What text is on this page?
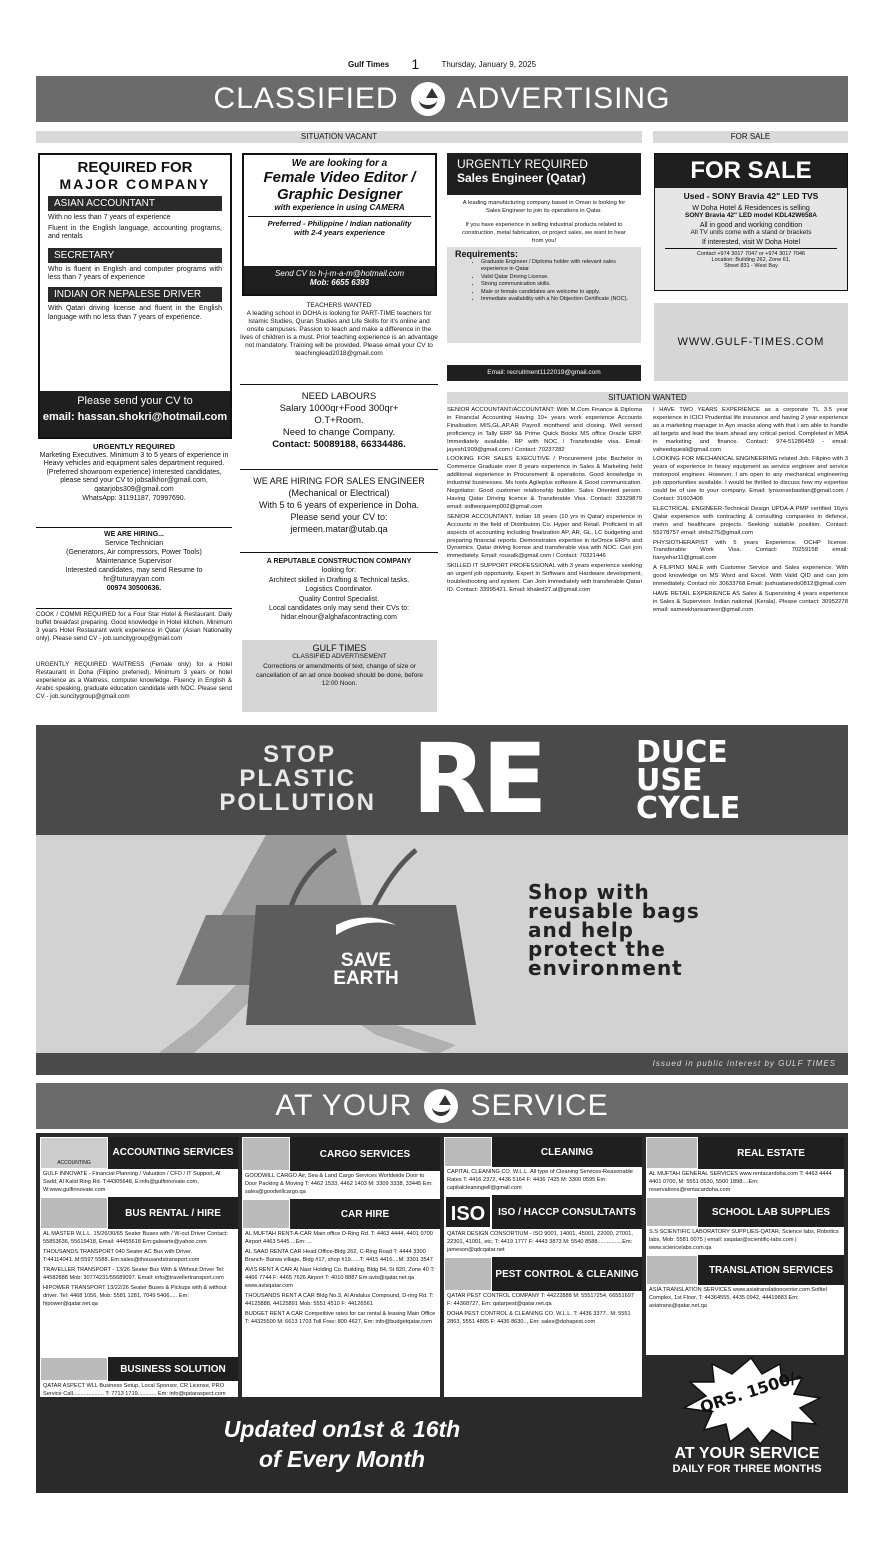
Gulf Times 1	Thursday, January 9, 2025
CLASSIFIED ADVERTISING
SITUATION VACANT	FOR SALE
REQUIRED FOR
MAJOR COMPANY
ASIAN ACCOUNTANT
With no less than 7 years of experience
Fluent in the English language, accounting programs, and rentals
SECRETARY
Who is fluent in English and computer programs with less than 7 years of experience
INDIAN OR NEPALESE DRIVER
With Qatari driving license and fluent in the English language with no less than 7 years of experience.
Please send your CV to
email: hassan.shokri@hotmail.com
We are looking for a
Female Video Editor /
Graphic Designer
with experience in using CAMERA
Preferred - Philippine / Indian nationality
with 2-4 years experience
Send CV to h-j-m-a-m@hotmail.com
Mob: 6655 6393
URGENTLY REQUIRED
Sales Engineer (Qatar)
A leading manufacturing company based in Oman is looking for Sales Engineer to join its operations in Qatar.
If you have experience in selling industrial products related to construction, metal fabrication, or project sales, we want to hear from you!
Requirements:
• Graduate Engineer / Diploma holder with relevant sales experience in Qatar.
• Valid Qatar Driving License.
• Strong communication skills.
• Male or female candidates are welcome to apply.
• Immediate availability with a No Objection Certificate (NOC).
Email: recruitment1122019@gmail.com
FOR SALE
Used - SONY Bravia 42" LED TVS
W Doha Hotel & Residences is selling
SONY Bravia 42" LED model KDL42W658A
All in good and working condition
All TV units come with a stand or brackets
If interested, visit W Doha Hotel
Contact +974 3017 7047 or +974 3017 7046
Location: Building 262, Zone 61,
Street 831 - West Bay
WWW.GULF-TIMES.COM
URGENTLY REQUIRED
Marketing Executives. Minimum 3 to 5 years of experience in Heavy vehicles and equipment sales department required. (Preferred showroom experience) Interested candidates, please send your CV to jobsalkhor@gmail.com, qatarjobs309@gmail.com
WhatsApp: 31191187, 70997690.
WE ARE HIRING...
Service Technician
(Generators, Air compressors, Power Tools)
Maintenance Supervisor
Interested candidates, may send Resume to
hr@tuturayyan.com
00974 30500636.
COOK / COMMI REQUIRED for a Four Star Hotel & Restaurant. Daily buffet breakfast preparing. Good knowledge in Hotel kitchen. Minimum 3 years Hotel Restaurant work experience in Qatar (Asian Nationality only). Please send CV - job.suncitygroup@gmail.com
URGENTLY REQUIRED WAITRESS (Female only) for a Hotel Restaurant in Doha (Filipino preferred). Minimum 3 years or hotel experience as a Waitress. computer knowledge. Fluency in English & Arabic speaking, graduate education candidate with NOC. Please send CV - job.suncitygroup@gmail.com
TEACHERS WANTED
A leading school in DOHA is looking for PART-TIME teachers for Islamic Studies, Quran Studies and Life Skills for it's online and onsite campuses. Passion to teach and make a difference in the lives of children is a must. Prior teaching experience is an advantage not mandatory. Training will be provided. Please email your CV to
teachinglead2018@gmail.com
NEED LABOURS
Salary 1000qr+Food 300qr+
O.T+Room.
Need to change Company.
Contact: 50089188, 66334486.
WE ARE HIRING FOR SALES ENGINEER
(Mechanical or Electrical)
With 5 to 6 years of experience in Doha.
Please send your CV to:
jermeen.matar@utab.qa
A REPUTABLE CONSTRUCTION COMPANY
looking for:
Architect skilled in Drafting & Technical tasks.
Logistics Coordinator.
Quality Control Specialist.
Local candidates only may send their CVs to:
hidar.elnour@alghafacontracting.com
GULF TIMES
CLASSIFIED ADVERTISEMENT
Corrections or amendments of text, change of size or cancellation of an ad once booked should be done, before 12:00 Noon.
SITUATION WANTED
SENIOR ACCOUNTANT/ACCOUNTANT: With M.Com Finance & Diploma in Financial Accounting Having 10+ years work experience Accounts Finalisation MIS,GL,AP,AR Payroll monthend and closing. Well versed proficiency in Tally ERP 9& Prime Quick Books MS office Oracle ERP. Immediately available. RP with NOC / Transferable visa. Email: jayesh1909@gmail.com / Contact: 70237282
LOOKING FOR SALES EXECUTIVE / Procurement jobs Bachelor in Commerce Graduate over 8 years experience in Sales & Marketing held additional experience in Procurement & operations. Good knowledge in industrial businesses. Ms tools Agileplus software & Good communication. Negotiator. Good customer relationship builder. Sales Oriented person. Having Qatar Driving licence & Transferable Visa. Contact: 33329879 email: sidheequemp002@gmail.com
SENIOR ACCOUNTANT, Indian 18 years (10 yrs in Qatar) experience in Accounts in the field of Distribution Co. Hyper and Retail. Proficient in all aspects of accounting including finalization AP, AR, GL, LC budgeting and preparing financial reports. Demonstrates expertise in itsOmce ERPs and Dynamics. Qatar driving license and transferable visa with NOC. Can join immediately. Email: rousalk@gmail.com / Contact: 70321446
SKILLED IT SUPPORT PROFESSIONAL with 3 years experience seeking an urgent job opportunity. Expert in Software and Hardware development, troubleshooting and system. Can Join immediately with transferable Qatari ID. Contact: 33995421. Email: khaled27.al@gmail.com
I HAVE TWO YEARS EXPERIENCE as a corporate TL 3.5 year experience in ICICI Prudential life insurance and having 2 year experience as a marketing manager in Ayn snacks along with that i am able to handle all targets and lead the team ahead any critical period. Completed in MBA in marketing and finance. Contact: 974-51286459 - email: vaheedqueali@gmail.com
LOOKING FOR MECHANICAL ENGINEERING related Job. Filipino with 3 years of experience in heavy equipment as service engineer and service motorpool engineer. However, I am open to any mechanical engineering job opportunities available. I would be thrilled to discuss how my expertise could be of use to your company. Email: lynsonsebastian@gmail.com / Contact: 31603408
ELECTRICAL ENGINEER-Technical Design UPDA-A PMP certified 16yrs Qatar experience with contracting & consulting companies in defence, metro and healthcare projects. Seeking suitable position. Contact: 55278757 email: shits275@gmail.com
PHYSIOTHERAPIST with 5 years Experience. OCHP license. Transferable Work Visa. Contact: 70259158 email: hanyehar11@gmail.com
A FILIPINO MALE with Customer Service and Sales experience. With good knowledge on MS Word and Excel. With Valid QID and can join immediately. Contact no: 30633768 Email: joshuatanedo0812@gmail.com
HAVE RETAIL EXPERIENCE AS Sales & Supervising 4 years experience in Sales & Supervisor. Indian national (Kerala). Please contact: 30952278 email: sameekhansameer@gmail.com
STOP
PLASTIC
POLLUTION RE	DUCE
USE
CYCLE
SAVE
EARTH
Shop with
reusable bags
and help
protect the
environment
Issued in public interest by GULF TIMES
AT YOUR SERVICE
ACCOUNTING
ACCOUNTING SERVICES
GULF INNOVATE - Financial Planning / Valuation / CFO / IT Support, Al Sadd, Al Kalid Ring Rd. T:44305648, E:info@gulfinnovate.com, W:www.gulfinnovate.com
BUS RENTAL / HIRE
AL MASTER W.L.L. 15/26/30/65 Seater Buses with / W-out Driver Contact: 55853636, 55619418, Email: 44455618 Em:galwarte@yahoo.com
THOUSANDS TRANSPORT 040 Seater AC Bus with Driver. T:44114041..M:5597 5588..Em:sales@thousandstransport.com
TRAVELLER TRANSPORT - 13/26 Seater Bus With & Without Driver Tel: 44582888 Mob: 30774231/55689097. Email: info@travellertransport.com
HIPOWER TRANSPORT 13/22/26 Seater Buses & Pickups with & without driver. Tel: 4468 1056, Mob: 5581 1281, 7049 5406..... Em: hipower@qatar.net.qa
BUSINESS SOLUTION
QATAR ASPECT WLL Business Setup, Local Sponsor, CR License, PRO Service Call.................... T: 7713 1719............ Em: info@qataraspect.com
CARGO SERVICES
GOODWILL CARGO Air, Sea & Land Cargo Services Worldwide Door to Door Packing & Moving T: 4462 1533, 4462 1403 M: 3309 3338, 33445 Em: sales@goodwillcargo.qa
CAR HIRE
AL MUFTAH RENT-A-CAR Main office D-Ring Rd. T: 4463 4444, 4401 0700 Airport 4463 5445 ...Em: ...
AL SAAD RENTA CAR Head Office-Bldg 262, C-Ring Road T: 4444 3300 Branch- Barwa village, Bldg #17, shop #19......T: 4415 4416....M: 3301 3547
AVIS RENT A CAR Al Nasr Holding Co. Building, Bldg 84, St 820, Zone 40 T: 4466 7744 F: 4465 7626 Airport T: 4010 8887 Em:avis@qatar.net.qa www.avisqatar.com
THOUSANDS RENT A CAR Bldg No.3, Al Andalus Compound, D-ring Rd. T: 44125888, 44125891 Mob: 5551 4510 F: 44126561
BUDGET RENT A CAR Competitive rates for car rental & leasing Main Office T: 44325500 M: 6613 1703 Toll Free: 800 4627, Em: info@budgetqatar.com
CLEANING
CAPITAL CLEANING CO. W.L.L. All type of Cleaning Services-Reasonable Rates T: 4416 2372, 4436 5164 F: 4436 7425 M: 3300 0595 Em: capitalcleaningwll@gmail.com
ISO	ISO / HACCP CONSULTANTS
QATAR DESIGN CONSORTIUM - ISO 9001, 14001, 45001, 22000, 27001, 22301, 41001, etc. T: 4419 1777 F: 4443 3873 M: 5540 8588................Em: jameson@qdcqatar.net
PEST CONTROL & CLEANING
QATAR PEST CONTROL COMPANY T: 44222888 M: 55517254, 66551697 F: 44368727, Em: qatarpest@qatar.net.qa
DOHA PEST CONTROL & CLEANING CO. W.L.L. T: 4436 3377.. M: 5551 2863, 5551 4805 F: 4436 8630.., Em: sales@dohapest.com
REAL ESTATE
AL MUFTAH GENERAL SERVICES www.rentacardoha.com T: 4463 4444 4401 0700, M: 5551 0530, 5500 1898....Em: reservations@rentacardoha.com
SCHOOL LAB SUPPLIES
S.S SCIENTIFIC LABORATORY SUPPLIES-QATAR, Science labs, Robotics labs, Mob: 5581 0075 | email: ssqatar@scientific-labs.com | www.sciencelabs.com.qa
TRANSLATION SERVICES
ASIA TRANSLATION SERVICES www.asiatranslationcenter.com Sofitel Complex, 1st Floor, T: 44364555, 4435 0942, 44419883 Em: asiatrans@qatar.net.qa
QRS. 1500/-
Updated on1st & 16th
of Every Month	AT YOUR SERVICE
DAILY FOR THREE MONTHS
